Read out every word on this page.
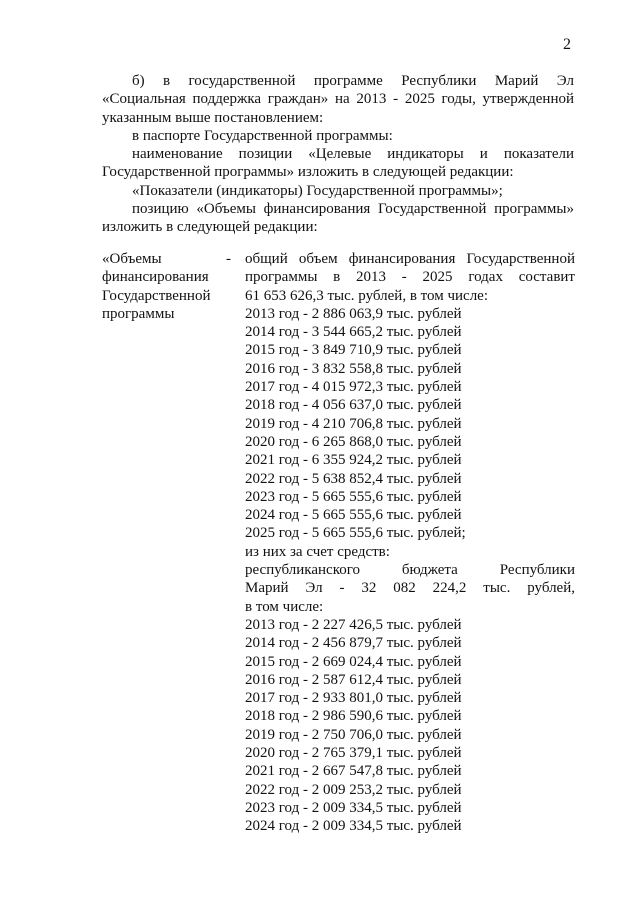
2

б) в государственной программе Республики Марий Эл

«Социальная поддержка граждан» на 2013 - 2025 годы, утвержденной

указанным выше постановлением:

в паспорте Государственной программы:

наименование позиции «Целевые индикаторы и показатели

Государственной программы» изложить в следующей редакции:

«Показатели (индикаторы) Государственной программы»;

позицию «Объемы финансирования Государственной программы»

изложить в следующей редакции:

«Объемы
финансирования
Государственной
программы
- общий объем финансирования Государственной
программы в 2013 - 2025 годах составит
61 653 626,3 тыс. рублей, в том числе:
2013 год - 2 886 063,9 тыс. рублей
2014 год - 3 544 665,2 тыс. рублей
2015 год - 3 849 710,9 тыс. рублей
2016 год - 3 832 558,8 тыс. рублей
2017 год - 4 015 972,3 тыс. рублей
2018 год - 4 056 637,0 тыс. рублей
2019 год - 4 210 706,8 тыс. рублей
2020 год - 6 265 868,0 тыс. рублей
2021 год - 6 355 924,2 тыс. рублей
2022 год - 5 638 852,4 тыс. рублей
2023 год - 5 665 555,6 тыс. рублей
2024 год - 5 665 555,6 тыс. рублей
2025 год - 5 665 555,6 тыс. рублей;
из них за счет средств:
республиканского бюджета Республики
Марий Эл - 32 082 224,2 тыс. рублей,
в том числе:
2013 год - 2 227 426,5 тыс. рублей
2014 год - 2 456 879,7 тыс. рублей
2015 год - 2 669 024,4 тыс. рублей
2016 год - 2 587 612,4 тыс. рублей
2017 год - 2 933 801,0 тыс. рублей
2018 год - 2 986 590,6 тыс. рублей
2019 год - 2 750 706,0 тыс. рублей
2020 год - 2 765 379,1 тыс. рублей
2021 год - 2 667 547,8 тыс. рублей
2022 год - 2 009 253,2 тыс. рублей
2023 год - 2 009 334,5 тыс. рублей
2024 год - 2 009 334,5 тыс. рублей
